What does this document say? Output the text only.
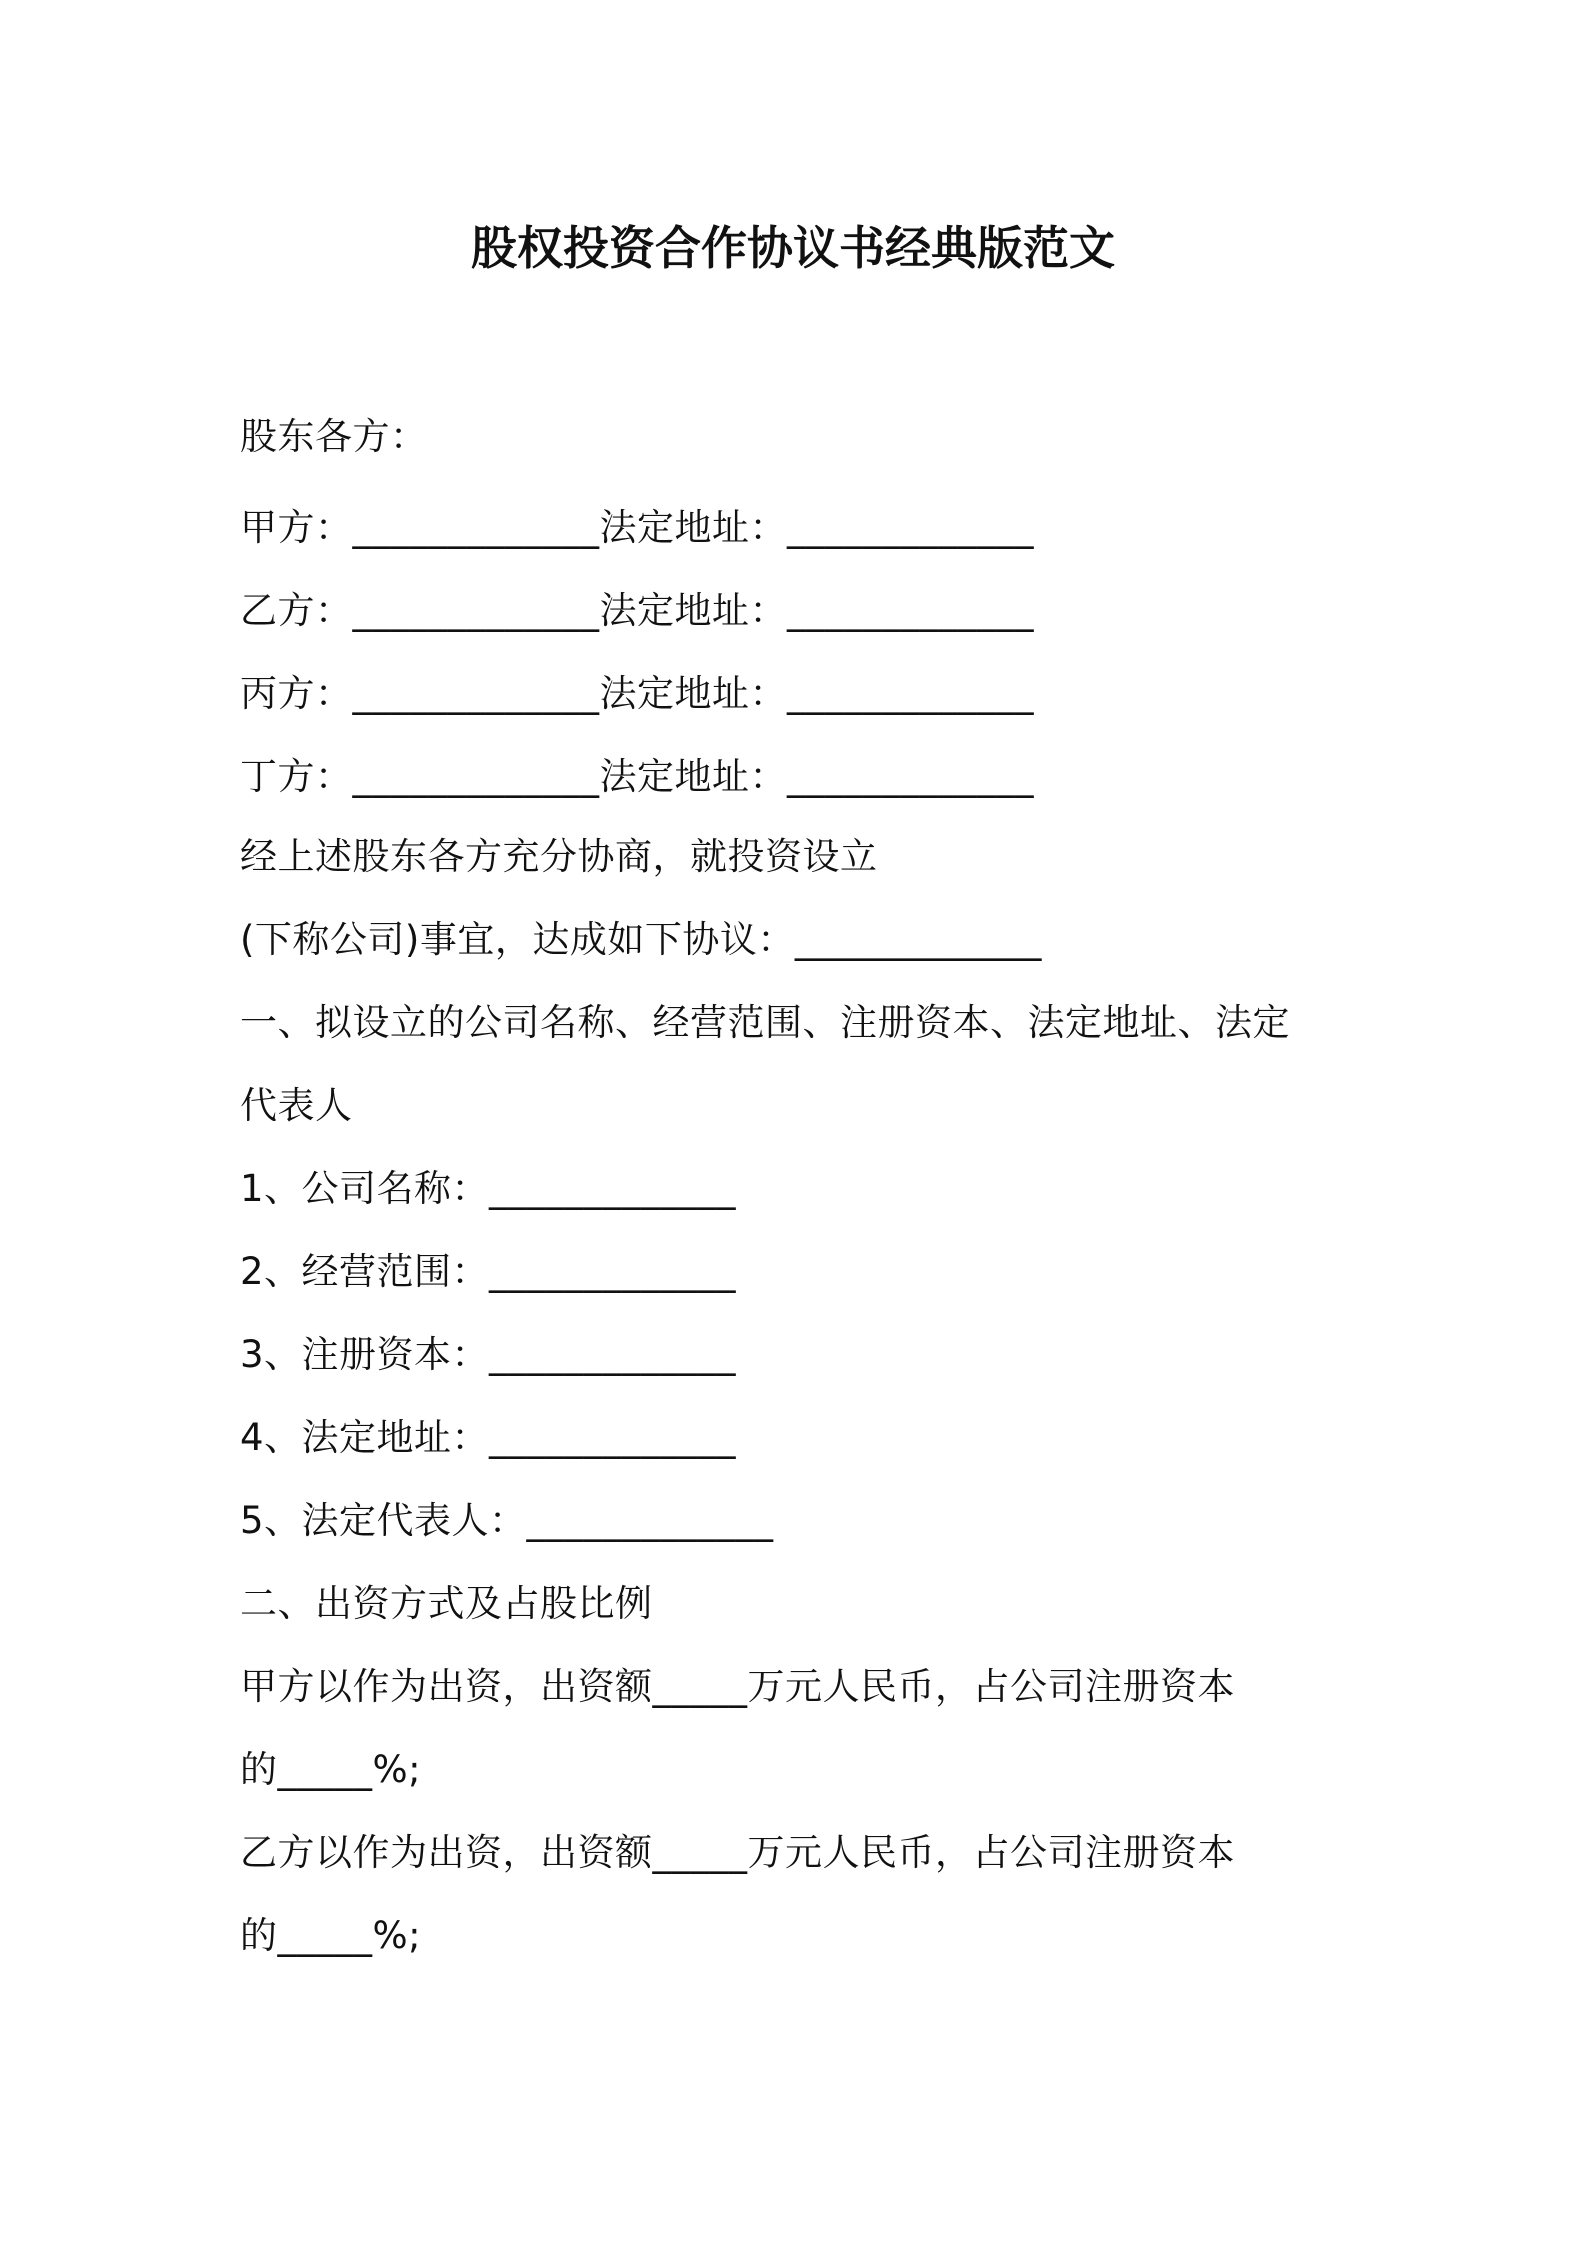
股权投资合作协议书经典版范文
股东各方：
甲方：_____________法定地址：_____________
乙方：_____________法定地址：_____________
丙方：_____________法定地址：_____________
丁方：_____________法定地址：_____________
经上述股东各方充分协商，就投资设立
(下称公司)事宜，达成如下协议：_____________
一、拟设立的公司名称、经营范围、注册资本、法定地址、法定
代表人
1、公司名称：_____________
2、经营范围：_____________
3、注册资本：_____________
4、法定地址：_____________
5、法定代表人：_____________
二、出资方式及占股比例
甲方以作为出资，出资额_____万元人民币，占公司注册资本
的_____%;
乙方以作为出资，出资额_____万元人民币，占公司注册资本
的_____%;
